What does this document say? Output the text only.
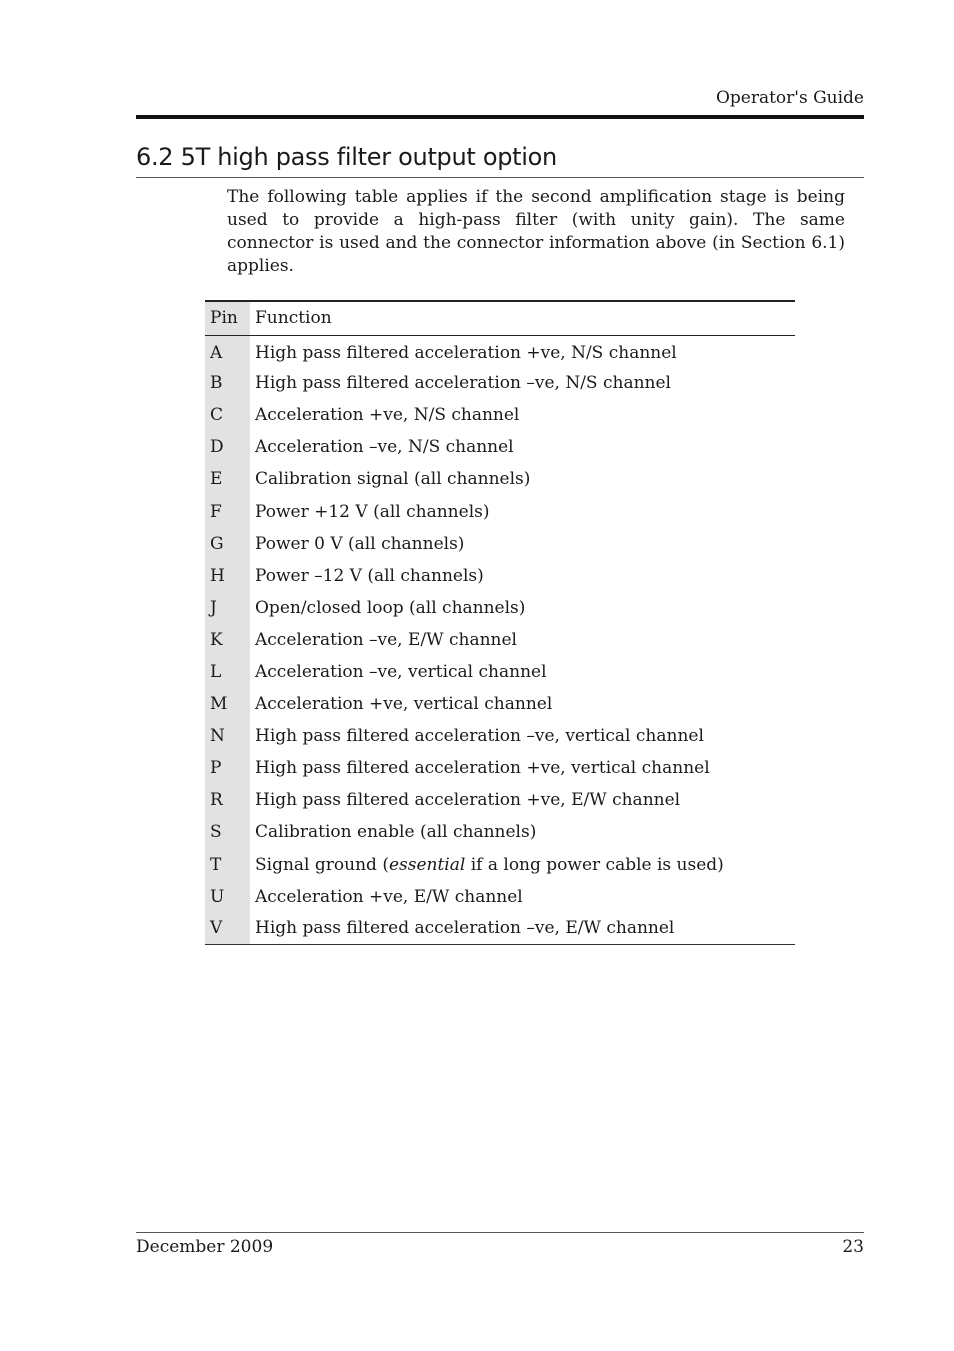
Operator's Guide
6.2 5T high pass filter output option

The following table applies if the second amplification stage is being used to provide a high-pass filter (with unity gain). The same connector is used and the connector information above (in Section 6.1) applies.

Pin	Function
A	High pass filtered acceleration +ve, N/S channel
B	High pass filtered acceleration –ve, N/S channel
C	Acceleration +ve, N/S channel
D	Acceleration –ve, N/S channel
E	Calibration signal (all channels)
F	Power +12 V (all channels)
G	Power 0 V (all channels)
H	Power –12 V (all channels)
J	Open/closed loop (all channels)
K	Acceleration –ve, E/W channel
L	Acceleration –ve, vertical channel
M	Acceleration +ve, vertical channel
N	High pass filtered acceleration –ve, vertical channel
P	High pass filtered acceleration +ve, vertical channel
R	High pass filtered acceleration +ve, E/W channel
S	Calibration enable (all channels)
T	Signal ground (essential if a long power cable is used)
U	Acceleration +ve, E/W channel
V	High pass filtered acceleration –ve, E/W channel
December 2009	23
